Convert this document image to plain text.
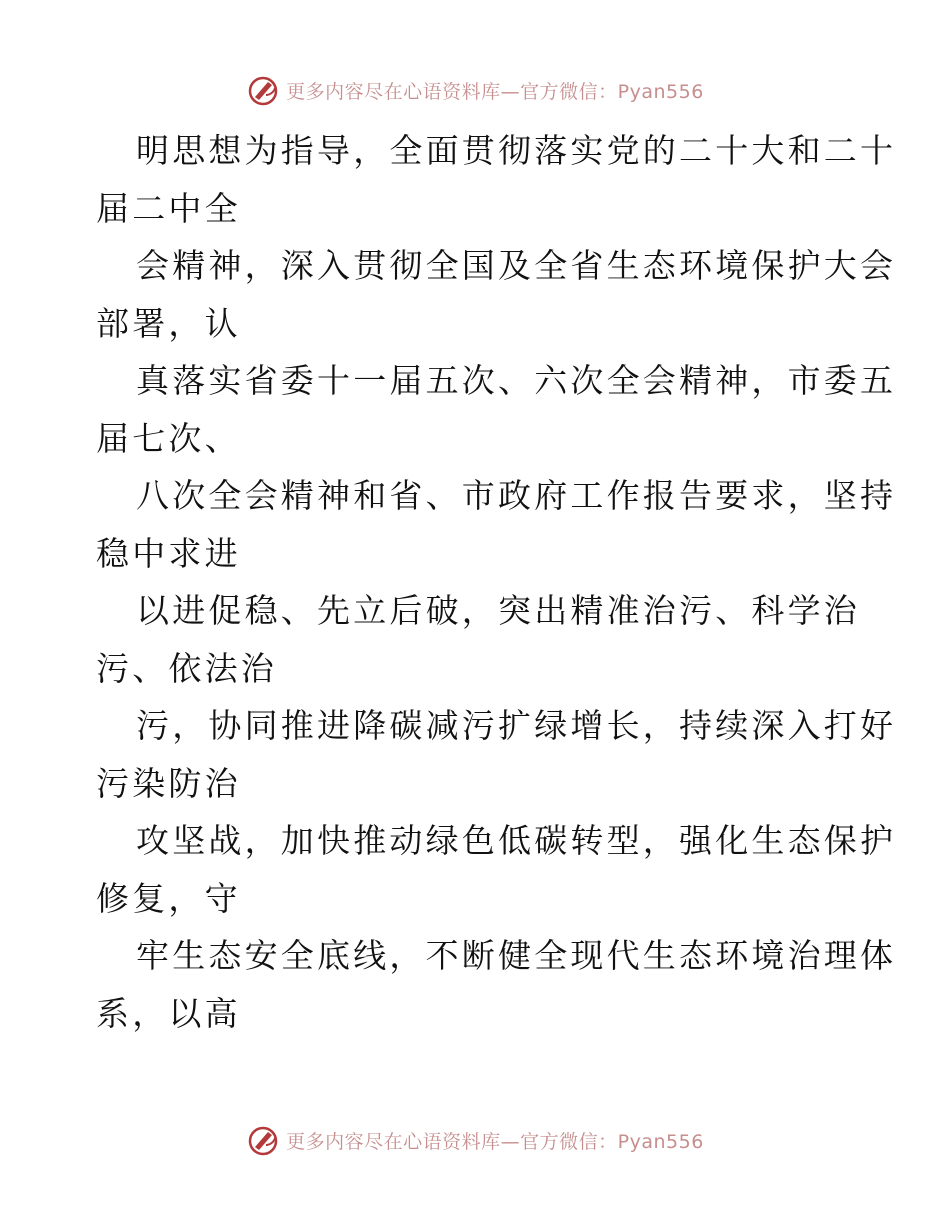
更多内容尽在心语资料库—官方微信：Pyan556
明思想为指导，全面贯彻落实党的二十大和二十
届二中全
会精神，深入贯彻全国及全省生态环境保护大会
部署，认
真落实省委十一届五次、六次全会精神，市委五
届七次、
八次全会精神和省、市政府工作报告要求，坚持
稳中求进
以进促稳、先立后破，突出精准治污、科学治
污、依法治
污，协同推进降碳减污扩绿增长，持续深入打好
污染防治
攻坚战，加快推动绿色低碳转型，强化生态保护
修复，守
牢生态安全底线，不断健全现代生态环境治理体
系，以高
更多内容尽在心语资料库—官方微信：Pyan556
